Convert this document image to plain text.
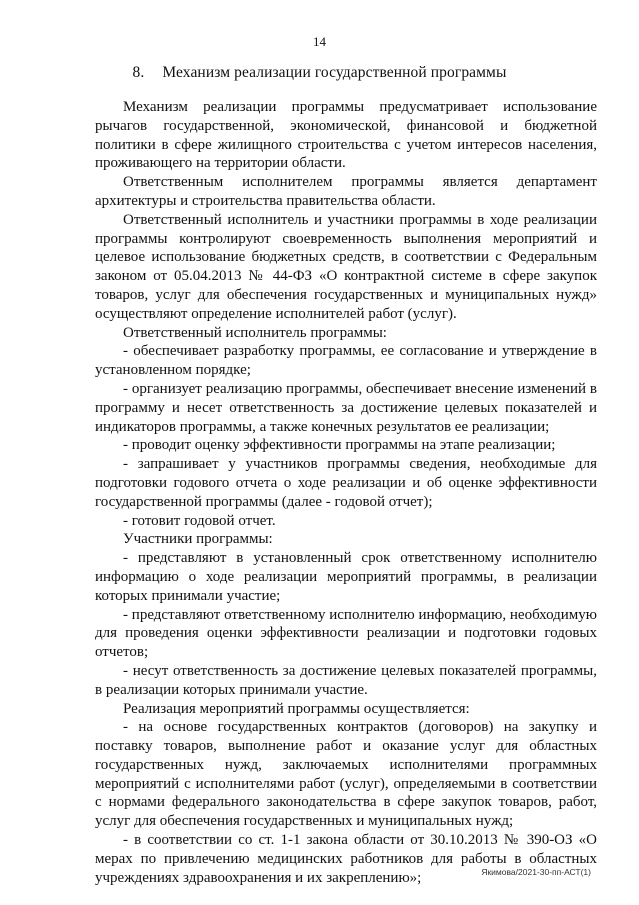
14
8. Механизм реализации государственной программы

Механизм реализации программы предусматривает использование рычагов государственной, экономической, финансовой и бюджетной политики в сфере жилищного строительства с учетом интересов населения, проживающего на территории области.

Ответственным исполнителем программы является департамент архитектуры и строительства правительства области.

Ответственный исполнитель и участники программы в ходе реализации программы контролируют своевременность выполнения мероприятий и целевое использование бюджетных средств, в соответствии с Федеральным законом от 05.04.2013 № 44-ФЗ «О контрактной системе в сфере закупок товаров, услуг для обеспечения государственных и муниципальных нужд» осуществляют определение исполнителей работ (услуг).

Ответственный исполнитель программы:

- обеспечивает разработку программы, ее согласование и утверждение в установленном порядке;

- организует реализацию программы, обеспечивает внесение изменений в программу и несет ответственность за достижение целевых показателей и индикаторов программы, а также конечных результатов ее реализации;

- проводит оценку эффективности программы на этапе реализации;

- запрашивает у участников программы сведения, необходимые для подготовки годового отчета о ходе реализации и об оценке эффективности государственной программы (далее - годовой отчет);

- готовит годовой отчет.

Участники программы:

- представляют в установленный срок ответственному исполнителю информацию о ходе реализации мероприятий программы, в реализации которых принимали участие;

- представляют ответственному исполнителю информацию, необходимую для проведения оценки эффективности реализации и подготовки годовых отчетов;

- несут ответственность за достижение целевых показателей программы, в реализации которых принимали участие.

Реализация мероприятий программы осуществляется:

- на основе государственных контрактов (договоров) на закупку и поставку товаров, выполнение работ и оказание услуг для областных государственных нужд, заключаемых исполнителями программных мероприятий с исполнителями работ (услуг), определяемыми в соответствии с нормами федерального законодательства в сфере закупок товаров, работ, услуг для обеспечения государственных и муниципальных нужд;

- в соответствии со ст. 1-1 закона области от 30.10.2013 № 390-ОЗ «О мерах по привлечению медицинских работников для работы в областных учреждениях здравоохранения и их закреплению»;	Якимова/2021-30-пп-АСТ(1)
